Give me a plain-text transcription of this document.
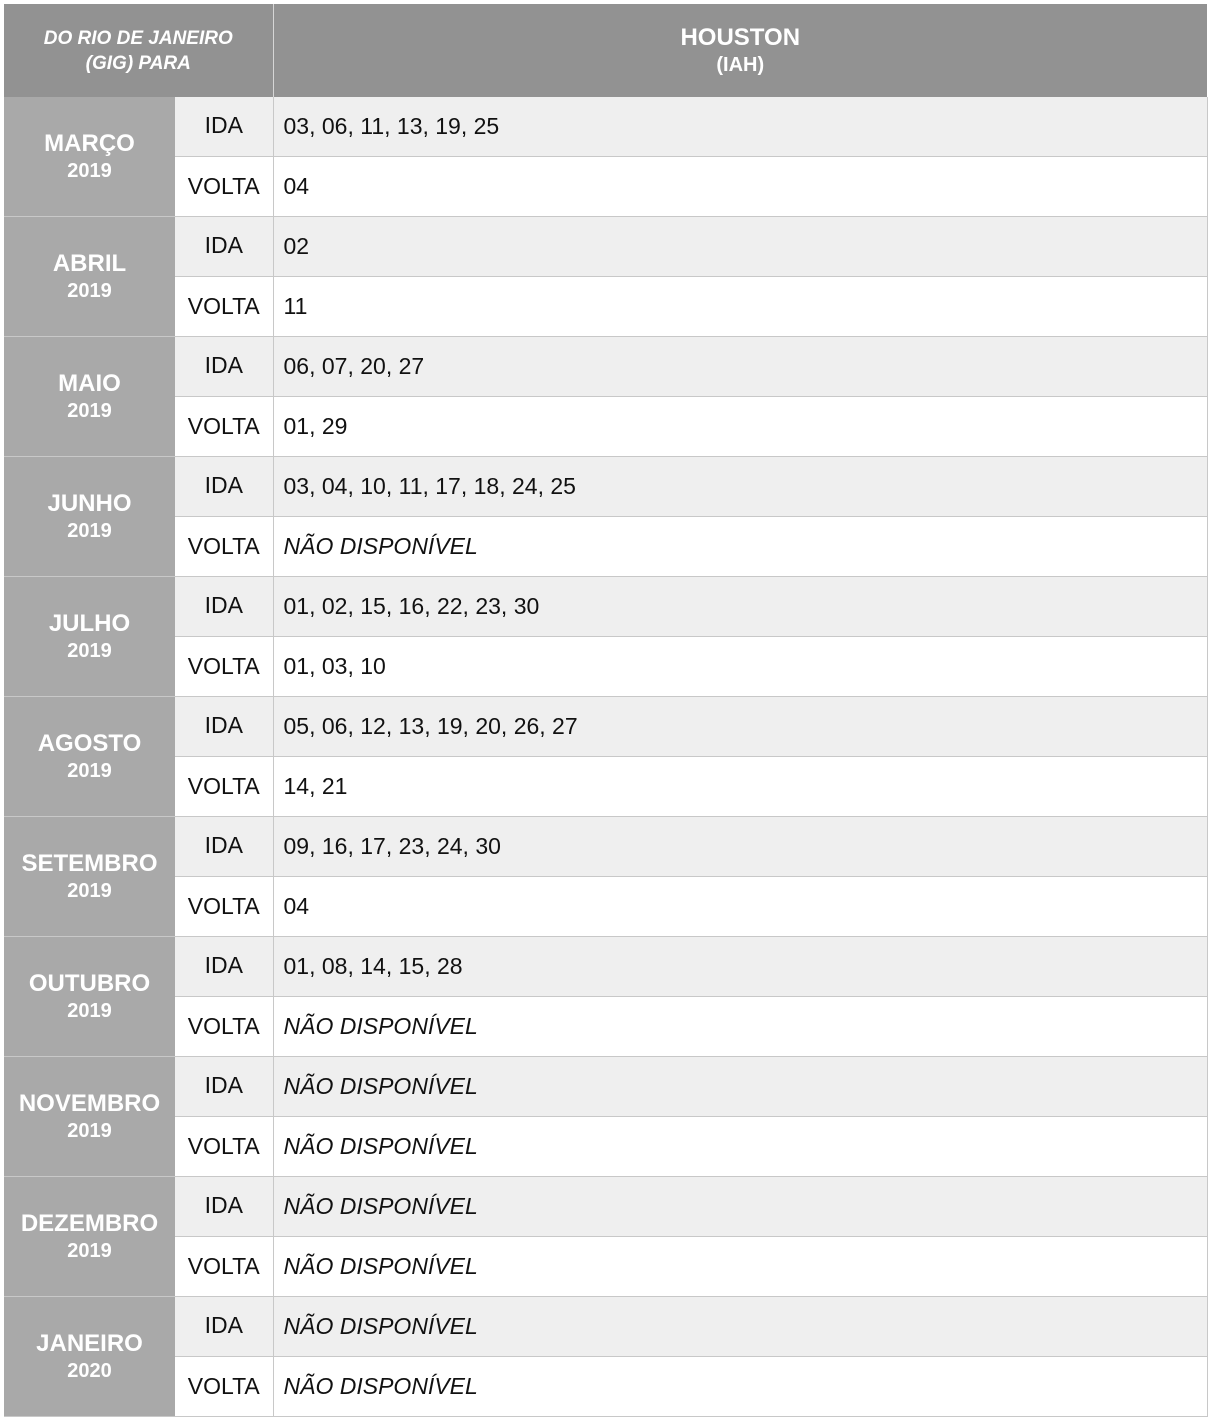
DO RIO DE JANEIRO
(GIG) PARA		HOUSTON
(IAH)

MARÇO
2019	IDA	03, 06, 11, 13, 19, 25
	VOLTA	04

ABRIL
2019	IDA	02
	VOLTA	11

MAIO
2019	IDA	06, 07, 20, 27
	VOLTA	01, 29

JUNHO
2019	IDA	03, 04, 10, 11, 17, 18, 24, 25
	VOLTA	NÃO DISPONÍVEL

JULHO
2019	IDA	01, 02, 15, 16, 22, 23, 30
	VOLTA	01, 03, 10

AGOSTO
2019	IDA	05, 06, 12, 13, 19, 20, 26, 27
	VOLTA	14, 21

SETEMBRO
2019	IDA	09, 16, 17, 23, 24, 30
	VOLTA	04

OUTUBRO
2019	IDA	01, 08, 14, 15, 28
	VOLTA	NÃO DISPONÍVEL

NOVEMBRO
2019	IDA	NÃO DISPONÍVEL
	VOLTA	NÃO DISPONÍVEL

DEZEMBRO
2019	IDA	NÃO DISPONÍVEL
	VOLTA	NÃO DISPONÍVEL

JANEIRO
2020	IDA	NÃO DISPONÍVEL
	VOLTA	NÃO DISPONÍVEL
